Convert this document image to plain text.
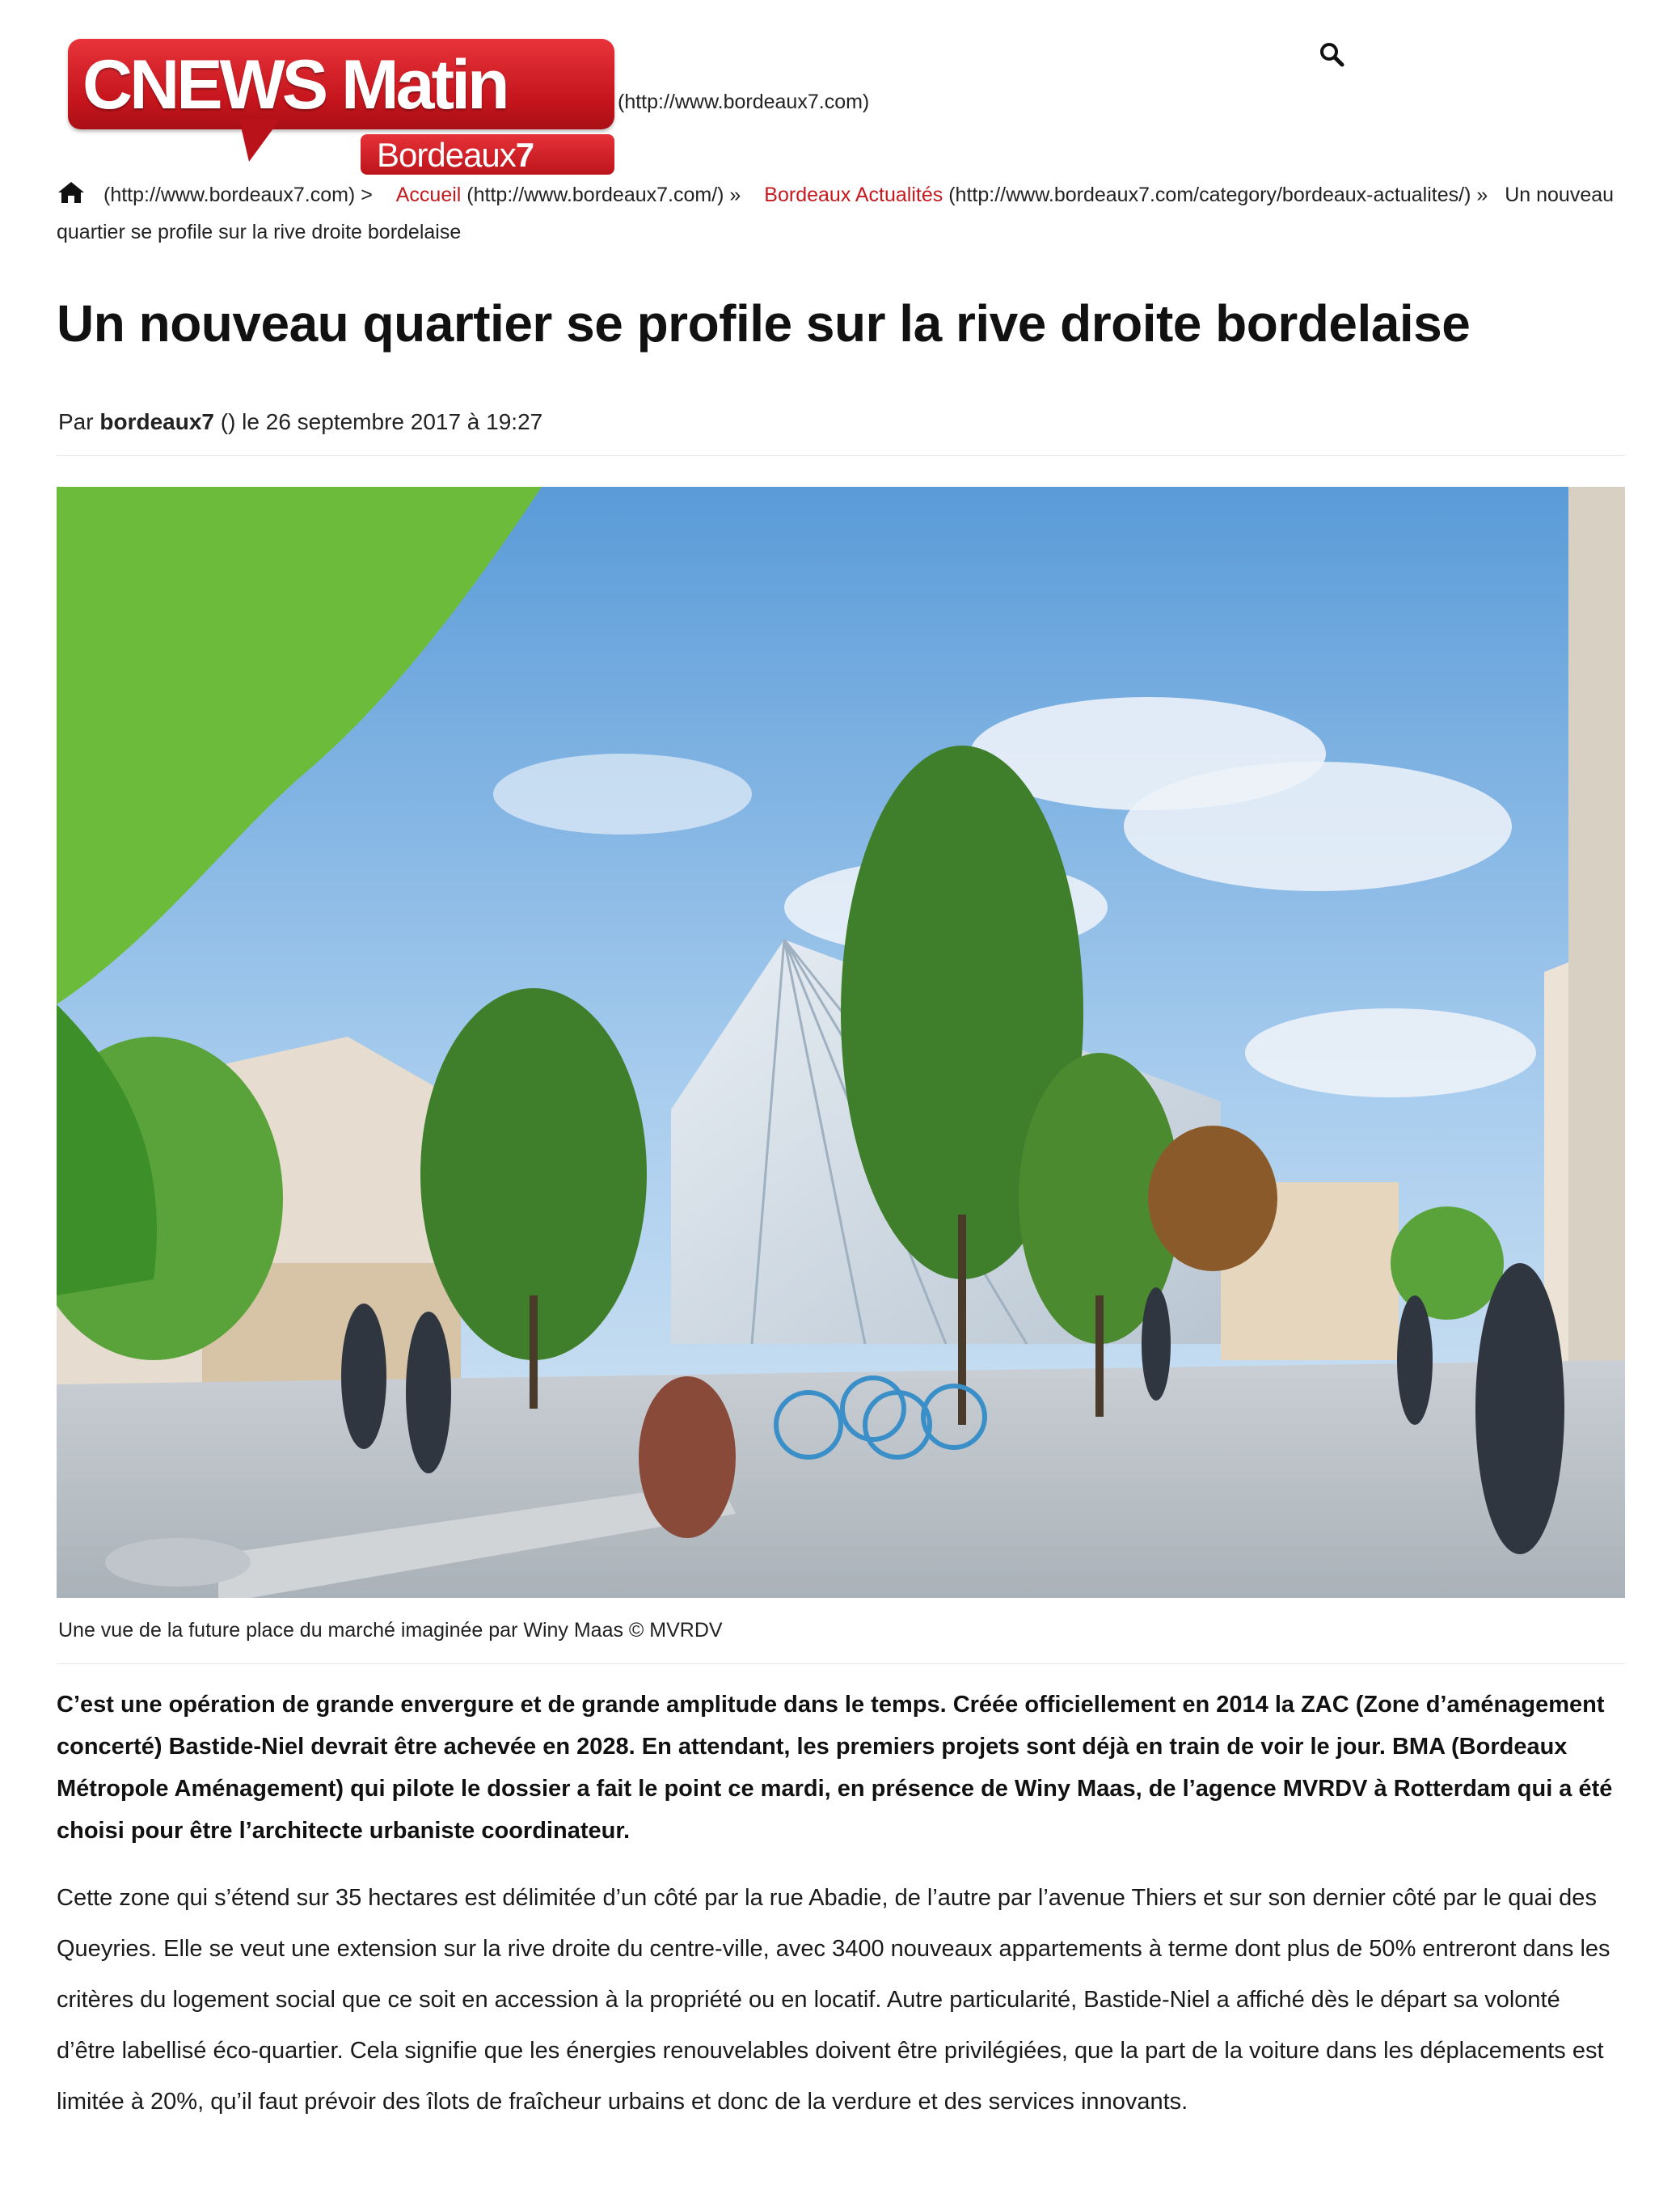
CNEWS Matin
Bordeaux7
(http://www.bordeaux7.com)
(http://www.bordeaux7.com) > Accueil (http://www.bordeaux7.com/) » Bordeaux Actualités (http://www.bordeaux7.com/category/bordeaux-actualites/) » Un nouveau quartier se profile sur la rive droite bordelaise
Un nouveau quartier se profile sur la rive droite bordelaise
Par bordeaux7 () le 26 septembre 2017 à 19:27
Une vue de la future place du marché imaginée par Winy Maas © MVRDV

C’est une opération de grande envergure et de grande amplitude dans le temps. Créée officiellement en 2014 la ZAC (Zone d’aménagement concerté) Bastide-Niel devrait être achevée en 2028. En attendant, les premiers projets sont déjà en train de voir le jour. BMA (Bordeaux Métropole Aménagement) qui pilote le dossier a fait le point ce mardi, en présence de Winy Maas, de l’agence MVRDV à Rotterdam qui a été choisi pour être l’architecte urbaniste coordinateur.

Cette zone qui s’étend sur 35 hectares est délimitée d’un côté par la rue Abadie, de l’autre par l’avenue Thiers et sur son dernier côté par le quai des Queyries. Elle se veut une extension sur la rive droite du centre-ville, avec 3400 nouveaux appartements à terme dont plus de 50% entreront dans les critères du logement social que ce soit en accession à la propriété ou en locatif. Autre particularité, Bastide-Niel a affiché dès le départ sa volonté d’être labellisé éco-quartier. Cela signifie que les énergies renouvelables doivent être privilégiées, que la part de la voiture dans les déplacements est limitée à 20%, qu’il faut prévoir des îlots de fraîcheur urbains et donc de la verdure et des services innovants.
